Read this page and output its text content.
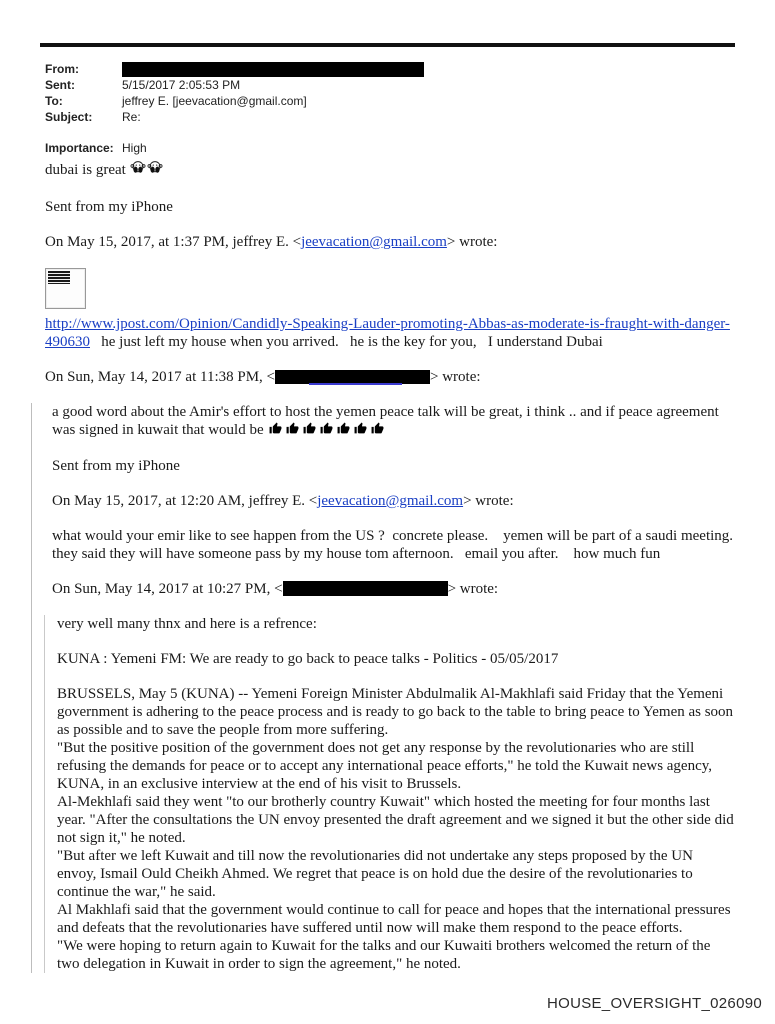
From:
Sent:	5/15/2017 2:05:53 PM
To:	jeffrey E. [jeevacation@gmail.com]
Subject:	Re:
Importance: High

dubai is great

Sent from my iPhone

On May 15, 2017, at 1:37 PM, jeffrey E. <jeevacation@gmail.com> wrote:

http://www.jpost.com/Opinion/Candidly-Speaking-Lauder-promoting-Abbas-as-moderate-is-fraught-with-danger-490630   he just left my house when you arrived.   he is the key for you,   I understand Dubai

On Sun, May 14, 2017 at 11:38 PM, <	> wrote:

a good word about the Amir's effort to host the yemen peace talk will be great, i think .. and if peace agreement was signed in kuwait that would be

Sent from my iPhone

On May 15, 2017, at 12:20 AM, jeffrey E. <jeevacation@gmail.com> wrote:

what would your emir like to see happen from the US ?  concrete please.    yemen will be part of a saudi meeting.   they said they will have someone pass by my house tom afternoon.   email you after.    how much fun

On Sun, May 14, 2017 at 10:27 PM, <	> wrote:

very well many thnx and here is a refrence:

KUNA : Yemeni FM: We are ready to go back to peace talks - Politics - 05/05/2017

BRUSSELS, May 5 (KUNA) -- Yemeni Foreign Minister Abdulmalik Al-Makhlafi said Friday that the Yemeni government is adhering to the peace process and is ready to go back to the table to bring peace to Yemen as soon as possible and to save the people from more suffering.
"But the positive position of the government does not get any response by the revolutionaries who are still refusing the demands for peace or to accept any international peace efforts," he told the Kuwait news agency, KUNA, in an exclusive interview at the end of his visit to Brussels.
Al-Mekhlafi said they went "to our brotherly country Kuwait" which hosted the meeting for four months last year. "After the consultations the UN envoy presented the draft agreement and we signed it but the other side did not sign it," he noted.
"But after we left Kuwait and till now the revolutionaries did not undertake any steps proposed by the UN envoy, Ismail Ould Cheikh Ahmed. We regret that peace is on hold due the desire of the revolutionaries to continue the war," he said.
Al Makhlafi said that the government would continue to call for peace and hopes that the international pressures and defeats that the revolutionaries have suffered until now will make them respond to the peace efforts.
"We were hoping to return again to Kuwait for the talks and our Kuwaiti brothers welcomed the return of the two delegation in Kuwait in order to sign the agreement," he noted.
HOUSE_OVERSIGHT_026090
